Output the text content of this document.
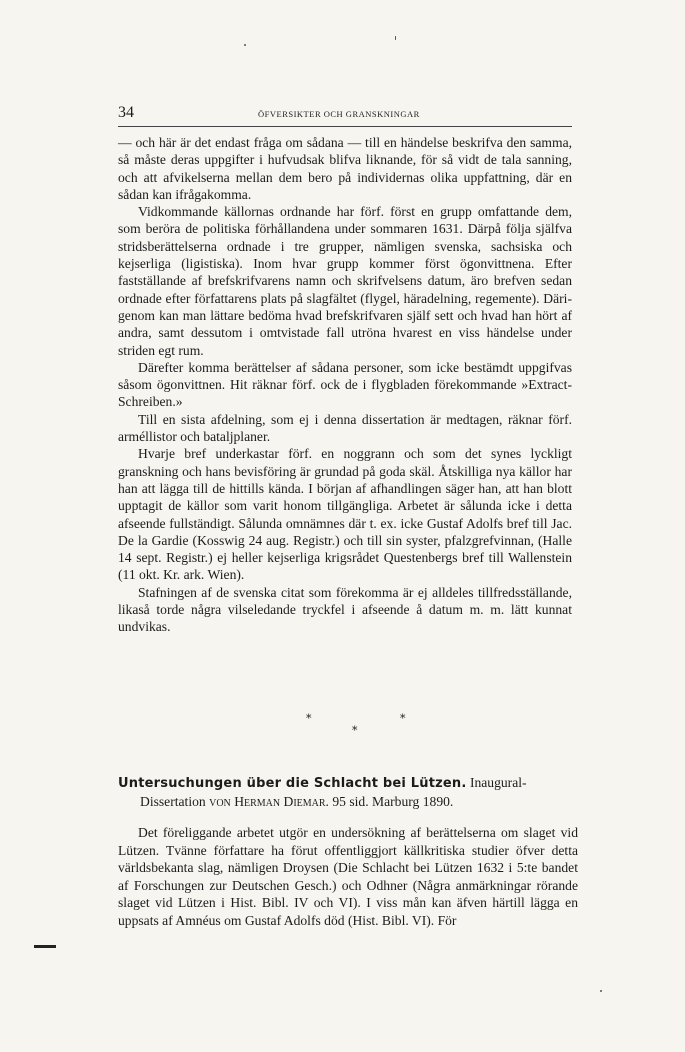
34	ÖFVERSIKTER OCH GRANSKNINGAR

— och här är det endast fråga om sådana — till en händelse beskrifva den samma, så måste deras uppgifter i hufvudsak blifva liknande, för så vidt de tala sanning, och att afvikelserna mellan dem bero på individernas olika uppfattning, där en sådan kan ifrågakomma.

Vidkommande källornas ordnande har förf. först en grupp omfattande dem, som beröra de politiska förhållandena under sommaren 1631. Därpå följa själfva stridsberättelserna ordnade i tre grupper, nämligen svenska, sachsiska och kejserliga (ligistiska). Inom hvar grupp kommer först ögonvittnena. Efter fastställande af brefskrifvarens namn och skrifvelsens datum, äro brefven sedan ordnade efter författarens plats på slagfältet (flygel, häradelning, regemente). Därigenom kan man lättare bedöma hvad brefskrifvaren själf sett och hvad han hört af andra, samt dessutom i omtvistade fall utröna hvarest en viss händelse under striden egt rum.

Därefter komma berättelser af sådana personer, som icke bestämdt uppgifvas såsom ögonvittnen. Hit räknar förf. ock de i flygbladen förekommande »Extract-Schreiben.»

Till en sista afdelning, som ej i denna dissertation är medtagen, räknar förf. arméllistor och bataljplaner.

Hvarje bref underkastar förf. en noggrann och som det synes lyckligt granskning och hans bevisföring är grundad på goda skäl. Åtskilliga nya källor har han att lägga till de hittills kända. I början af afhandlingen säger han, att han blott upptagit de källor som varit honom tillgängliga. Arbetet är sålunda icke i detta afseende fullständigt. Sålunda omnämnes där t. ex. icke Gustaf Adolfs bref till Jac. De la Gardie (Kosswig 24 aug. Registr.) och till sin syster, pfalzgrefvinnan, (Halle 14 sept. Registr.) ej heller kejserliga krigsrådet Questenbergs bref till Wallenstein (11 okt. Kr. ark. Wien).

Stafningen af de svenska citat som förekomma är ej alldeles tillfredsställande, likaså torde några vilseledande tryckfel i afseende å datum m. m. lätt kunnat undvikas.

*
*
*

Untersuchungen über die Schlacht bei Lützen. Inaugural-

Dissertation von Herman Diemar. 95 sid. Marburg 1890.

Det föreliggande arbetet utgör en undersökning af berättelserna om slaget vid Lützen. Tvänne författare ha förut offentliggjort källkritiska studier öfver detta världsbekanta slag, nämligen Droysen (Die Schlacht bei Lützen 1632 i 5:te bandet af Forschungen zur Deutschen Gesch.) och Odhner (Några anmärkningar rörande slaget vid Lützen i Hist. Bibl. IV och VI). I viss mån kan äfven härtill lägga en uppsats af Amnéus om Gustaf Adolfs död (Hist. Bibl. VI). För
